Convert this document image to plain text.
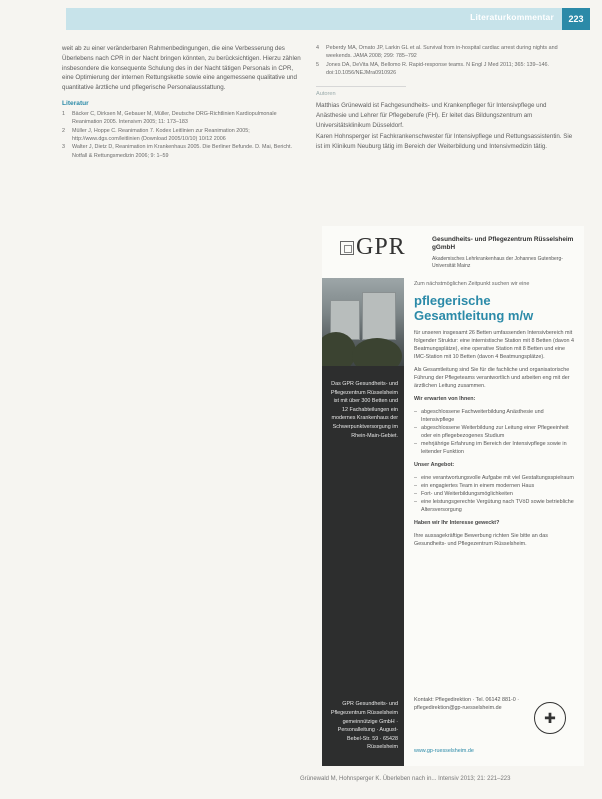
Literaturkommentar	223

weit ab zu einer veränderbaren Rahmenbedingungen, die eine Verbesserung des Überlebens nach CPR in der Nacht bringen könnten, zu berücksichtigen. Hierzu zählen insbesondere die konsequente Schulung des in der Nacht tätigen Personals in CPR, eine Optimierung der internen Rettungskette sowie eine angemessene qualitative und quantitative ärztliche und pflegerische Personalausstattung.

Literatur
1	Bäcker C, Dirksen M, Gebauer M, Müller, Deutsche DRG-Richtlinien Kardiopulmonale Reanimation 2005. Intensivm 2005; 11: 173–183
2	Müller J, Hoppe C. Reanimation 7. Kodex Leitlinien zur Reanimation 2005; http://www.dgs.com/leitlinien (Download 2005/10/10) 10/12 2006
3	Walter J, Dietz D, Reanimation im Krankenhaus 2005. Die Berliner Befunde. D. Mai, Bericht. Notfall & Rettungsmedizin 2006; 9: 1–59
4	Peberdy MA, Ornato JP, Larkin GL et al. Survival from in-hospital cardiac arrest during nights and weekends. JAMA 2008; 299: 785–792
5	Jones DA, DeVita MA, Bellomo R. Rapid-response teams. N Engl J Med 2011; 365: 139–146. doi:10.1056/NEJMra0910926
Autoren

Matthias Grünewald ist Fachgesundheits- und Krankenpfleger für Intensivpflege und Anästhesie und Lehrer für Pflegeberufe (FH). Er leitet das Bildungszentrum am Universitätsklinikum Düsseldorf.

Karen Hohnsperger ist Fachkrankenschwester für Intensivpflege und Rettungsassistentin. Sie ist im Klinikum Neuburg tätig im Bereich der Weiterbildung und Intensivmedizin tätig.

GPR	Gesundheits- und Pflegezentrum Rüsselsheim gGmbH
Akademisches Lehrkrankenhaus der Johannes Gutenberg-Universität Mainz

Das GPR Gesundheits- und Pflegezentrum Rüsselsheim ist mit über 300 Betten und 12 Fachabteilungen ein modernes Krankenhaus der Schwerpunktversorgung im Rhein-Main-Gebiet.

GPR Gesundheits- und Pflegezentrum Rüsselsheim gemeinnützige GmbH · Personalleitung · August-Bebel-Str. 59 · 65428 Rüsselsheim

Zum nächstmöglichen Zeitpunkt suchen wir eine

pflegerische Gesamtleitung m/w

für unseren insgesamt 26 Betten umfassenden Intensivbereich mit folgender Struktur: eine internistische Station mit 8 Betten (davon 4 Beatmungsplätze), eine operative Station mit 8 Betten und eine IMC-Station mit 10 Betten (davon 4 Beatmungsplätze).

Als Gesamtleitung sind Sie für die fachliche und organisatorische Führung der Pflegeteams verantwortlich und arbeiten eng mit der ärztlichen Leitung zusammen.

Wir erwarten von Ihnen:

– abgeschlossene Fachweiterbildung Anästhesie und Intensivpflege
– abgeschlossene Weiterbildung zur Leitung einer Pflegeeinheit oder ein pflegebezogenes Studium
– mehrjährige Erfahrung im Bereich der Intensivpflege sowie in leitender Funktion

Unser Angebot:

– eine verantwortungsvolle Aufgabe mit viel Gestaltungsspielraum
– ein engagiertes Team in einem modernen Haus
– Fort- und Weiterbildungsmöglichkeiten
– eine leistungsgerechte Vergütung nach TVöD sowie betriebliche Altersversorgung

Haben wir Ihr Interesse geweckt?

Ihre aussagekräftige Bewerbung richten Sie bitte an das Gesundheits- und Pflegezentrum Rüsselsheim.

Kontakt: Pflegedirektion · Tel. 06142 881-0 · pflegedirektion@gp-ruesselsheim.de
✚
www.gp-ruesselsheim.de
Grünewald M, Hohnsperger K. Überleben nach in... Intensiv 2013; 21: 221–223
